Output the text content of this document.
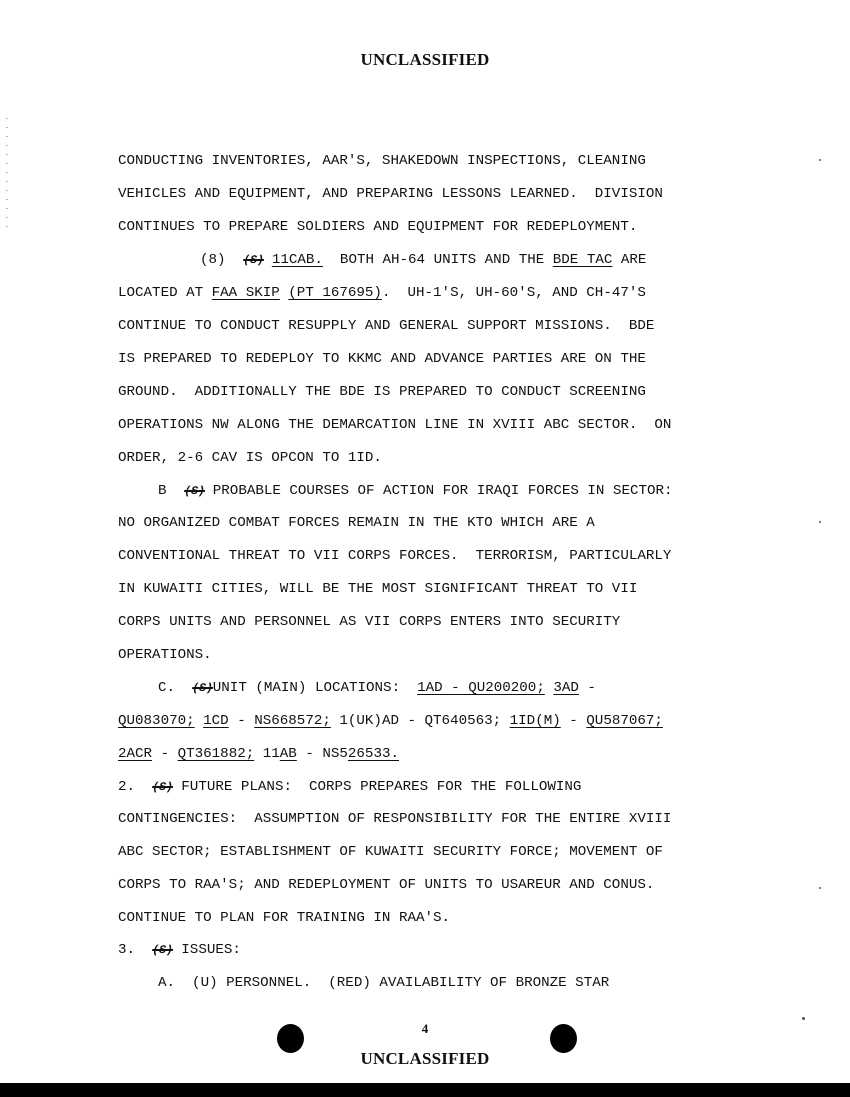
UNCLASSIFIED
CONDUCTING INVENTORIES, AAR'S, SHAKEDOWN INSPECTIONS, CLEANING
VEHICLES AND EQUIPMENT, AND PREPARING LESSONS LEARNED.  DIVISION
CONTINUES TO PREPARE SOLDIERS AND EQUIPMENT FOR REDEPLOYMENT.
(8)  (S) 11CAB.  BOTH AH-64 UNITS AND THE BDE TAC ARE
LOCATED AT FAA SKIP (PT 167695).  UH-1'S, UH-60'S, AND CH-47'S
CONTINUE TO CONDUCT RESUPPLY AND GENERAL SUPPORT MISSIONS.  BDE
IS PREPARED TO REDEPLOY TO KKMC AND ADVANCE PARTIES ARE ON THE
GROUND.  ADDITIONALLY THE BDE IS PREPARED TO CONDUCT SCREENING
OPERATIONS NW ALONG THE DEMARCATION LINE IN XVIII ABC SECTOR.  ON
ORDER, 2-6 CAV IS OPCON TO 1ID.
B  (S) PROBABLE COURSES OF ACTION FOR IRAQI FORCES IN SECTOR:
NO ORGANIZED COMBAT FORCES REMAIN IN THE KTO WHICH ARE A
CONVENTIONAL THREAT TO VII CORPS FORCES.  TERRORISM, PARTICULARLY
IN KUWAITI CITIES, WILL BE THE MOST SIGNIFICANT THREAT TO VII
CORPS UNITS AND PERSONNEL AS VII CORPS ENTERS INTO SECURITY
OPERATIONS.
C.  (S)UNIT (MAIN) LOCATIONS:  1AD - QU200200; 3AD -
QU083070; 1CD - NS668572; 1(UK)AD - QT640563; 1ID(M) - QU587067;
2ACR - QT361882; 11AB - NS526533.
2.  (S) FUTURE PLANS:  CORPS PREPARES FOR THE FOLLOWING
CONTINGENCIES:  ASSUMPTION OF RESPONSIBILITY FOR THE ENTIRE XVIII
ABC SECTOR; ESTABLISHMENT OF KUWAITI SECURITY FORCE; MOVEMENT OF
CORPS TO RAA'S; AND REDEPLOYMENT OF UNITS TO USAREUR AND CONUS.
CONTINUE TO PLAN FOR TRAINING IN RAA'S.
3.  (S) ISSUES:
A.  (U) PERSONNEL.  (RED) AVAILABILITY OF BRONZE STAR
4
UNCLASSIFIED
